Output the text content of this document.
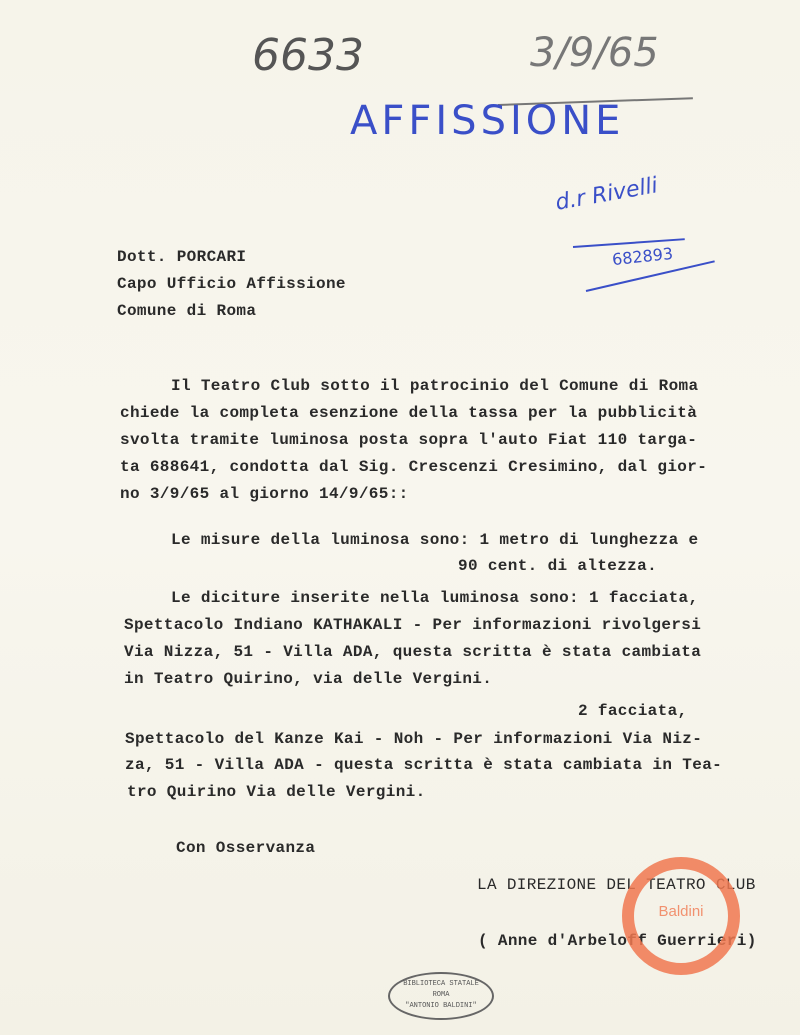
6633	3/9/65
AFFISSIONE
d.r Rivelli
682893
Dott. PORCARI
Capo Ufficio Affissione
Comune di Roma
Il Teatro Club sotto il patrocinio del Comune di Roma
chiede la completa esenzione della tassa per la pubblicità
svolta tramite luminosa posta sopra l'auto Fiat 110 targa-
ta 688641, condotta dal Sig. Crescenzi Cresimino, dal gior-
no 3/9/65 al giorno 14/9/65::
Le misure della luminosa sono: 1 metro di lunghezza e
90 cent. di altezza.
Le diciture inserite nella luminosa sono: 1 facciata,
Spettacolo Indiano KATHAKALI - Per informazioni rivolgersi
Via Nizza, 51 - Villa ADA, questa scritta è stata cambiata
in Teatro Quirino, via delle Vergini.
2 facciata,
Spettacolo del Kanze Kai - Noh - Per informazioni Via Niz-
za, 51 - Villa ADA - questa scritta è stata cambiata in Tea-
tro Quirino Via delle Vergini.
Con Osservanza
LA DIREZIONE DEL TEATRO CLUB
( Anne d'Arbeloff Guerrieri)
Baldini
BIBLIOTECA STATALE
ROMA
"ANTONIO BALDINI"
